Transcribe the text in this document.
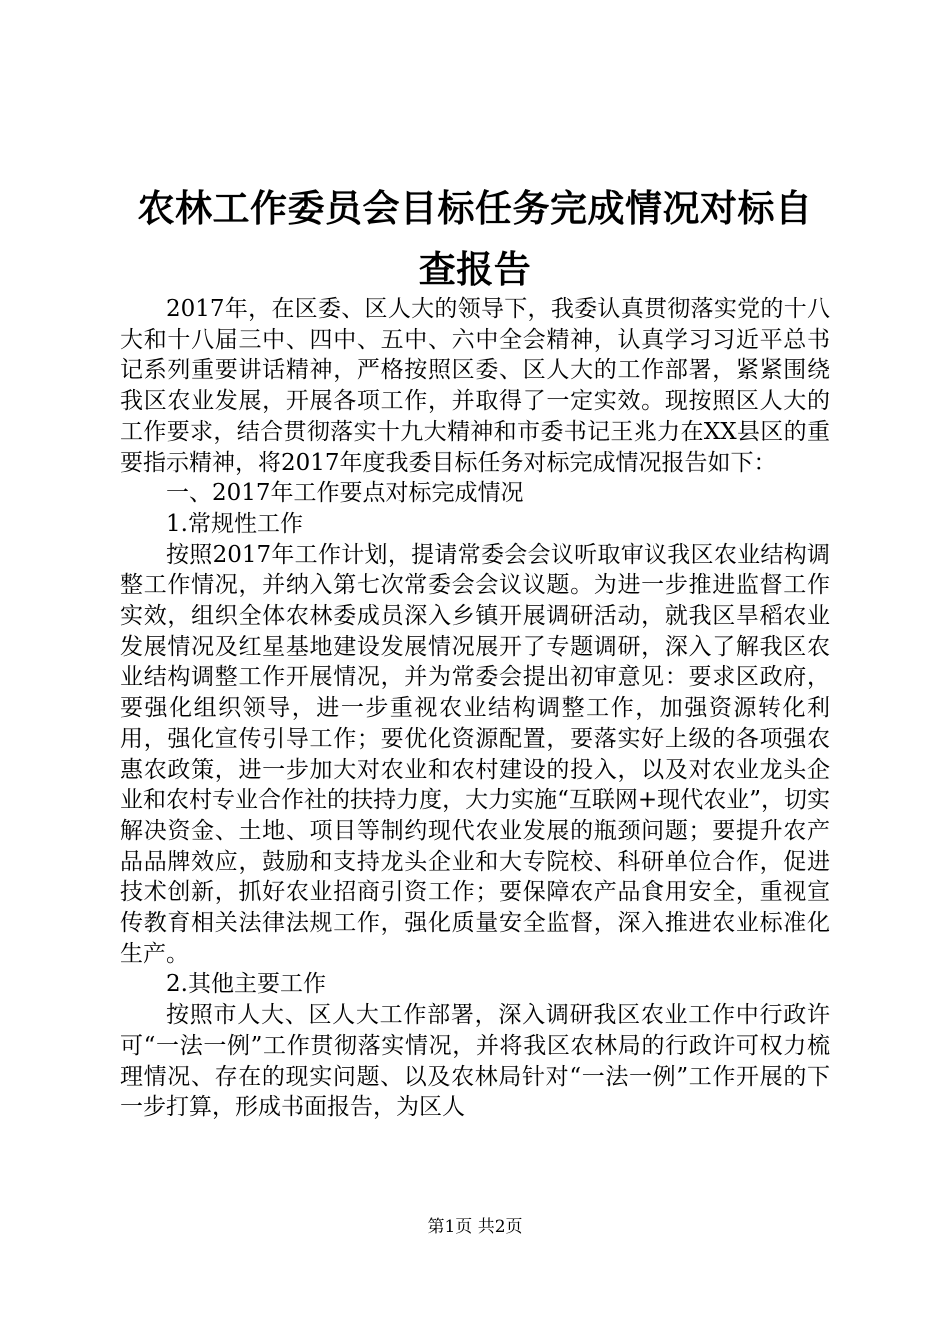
农林工作委员会目标任务完成情况对标自查报告

2017年，在区委、区人大的领导下，我委认真贯彻落实党的十八大和十八届三中、四中、五中、六中全会精神，认真学习习近平总书记系列重要讲话精神，严格按照区委、区人大的工作部署，紧紧围绕我区农业发展，开展各项工作，并取得了一定实效。现按照区人大的工作要求，结合贯彻落实十九大精神和市委书记王兆力在XX县区的重要指示精神，将2017年度我委目标任务对标完成情况报告如下：

一、2017年工作要点对标完成情况

1.常规性工作

按照2017年工作计划，提请常委会会议听取审议我区农业结构调整工作情况，并纳入第七次常委会会议议题。为进一步推进监督工作实效，组织全体农林委成员深入乡镇开展调研活动，就我区旱稻农业发展情况及红星基地建设发展情况展开了专题调研，深入了解我区农业结构调整工作开展情况，并为常委会提出初审意见：要求区政府，要强化组织领导，进一步重视农业结构调整工作，加强资源转化利用，强化宣传引导工作；要优化资源配置，要落实好上级的各项强农惠农政策，进一步加大对农业和农村建设的投入，以及对农业龙头企业和农村专业合作社的扶持力度，大力实施“互联网+现代农业”，切实解决资金、土地、项目等制约现代农业发展的瓶颈问题；要提升农产品品牌效应，鼓励和支持龙头企业和大专院校、科研单位合作，促进技术创新，抓好农业招商引资工作；要保障农产品食用安全，重视宣传教育相关法律法规工作，强化质量安全监督，深入推进农业标准化生产。

2.其他主要工作

按照市人大、区人大工作部署，深入调研我区农业工作中行政许可“一法一例”工作贯彻落实情况，并将我区农林局的行政许可权力梳理情况、存在的现实问题、以及农林局针对“一法一例”工作开展的下一步打算，形成书面报告，为区人

第1页 共2页
